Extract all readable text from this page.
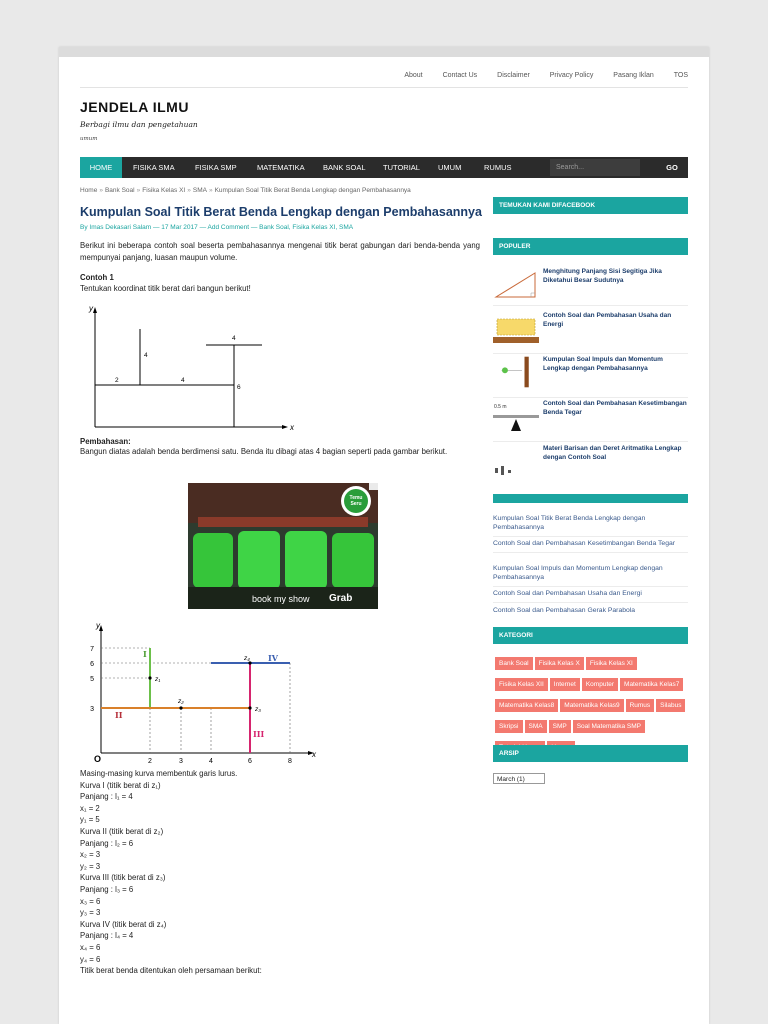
About	Contact Us	Disclaimer	Privacy Policy	Pasang Iklan	TOS
JENDELA ILMU
Berbagi ilmu dan pengetahuan
umum
HOME	FISIKA SMA	FISIKA SMP	MATEMATIKA BANK SOAL TUTORIAL UMUM	RUMUS	Search...	GO
Home » Bank Soal » Fisika Kelas XI » SMA » Kumpulan Soal Titik Berat Benda Lengkap dengan Pembahasannya
Kumpulan Soal Titik Berat Benda Lengkap dengan Pembahasannya
By Imas Dekasari Salam — 17 Mar 2017 — Add Comment — Bank Soal, Fisika Kelas XI, SMA
Berikut ini beberapa contoh soal beserta pembahasannya mengenai titik berat gabungan dari benda-benda yang mempunyai panjang, luasan maupun volume.
Contoh 1
Tentukan koordinat titik berat dari bangun berikut!
y
x
4
4
2	4
6
Pembahasan:
Bangun diatas adalah benda berdimensi satu. Benda itu dibagi atas 4 bagian seperti pada gambar berikut.
Temu Seru
book my show Grab
y
x
O
7
6
5
3
2	3	4	6	8
I
II
III
IV
z₁
z₂
z₃
z₄
Masing-masing kurva membentuk garis lurus.
Kurva I (titik berat di z₁)
Panjang : l₁ = 4
x₁ = 2
y₁ = 5
Kurva II (titik berat di z₂)
Panjang : l₂ = 6
x₂ = 3
y₂ = 3
Kurva III (titik berat di z₃)
Panjang : l₃ = 6
x₃ = 6
y₃ = 3
Kurva IV (titik berat di z₄)
Panjang : l₄ = 4
x₄ = 6
y₄ = 6
Titik berat benda ditentukan oleh persamaan berikut:
TEMUKAN KAMI DIFACEBOOK
POPULER
Menghitung Panjang Sisi Segitiga Jika Diketahui Besar Sudutnya
Contoh Soal dan Pembahasan Usaha dan Energi
Kumpulan Soal Impuls dan Momentum Lengkap dengan Pembahasannya
0.5 m	Contoh Soal dan Pembahasan Kesetimbangan Benda Tegar
Materi Barisan dan Deret Aritmatika Lengkap dengan Contoh Soal
Kumpulan Soal Titik Berat Benda Lengkap dengan Pembahasannya
Contoh Soal dan Pembahasan Kesetimbangan Benda Tegar
Kumpulan Soal Impuls dan Momentum Lengkap dengan Pembahasannya
Contoh Soal dan Pembahasan Usaha dan Energi
Contoh Soal dan Pembahasan Gerak Parabola
KATEGORI
Bank Soal Fisika Kelas X Fisika Kelas XIFisika Kelas XII Internet Komputer Matematika Kelas7Matematika Kelas8 Matematika Kelas9 Rumus SilabusSkripsi SMA SMP Soal Matematika SMP
ARSIP
March (1)
